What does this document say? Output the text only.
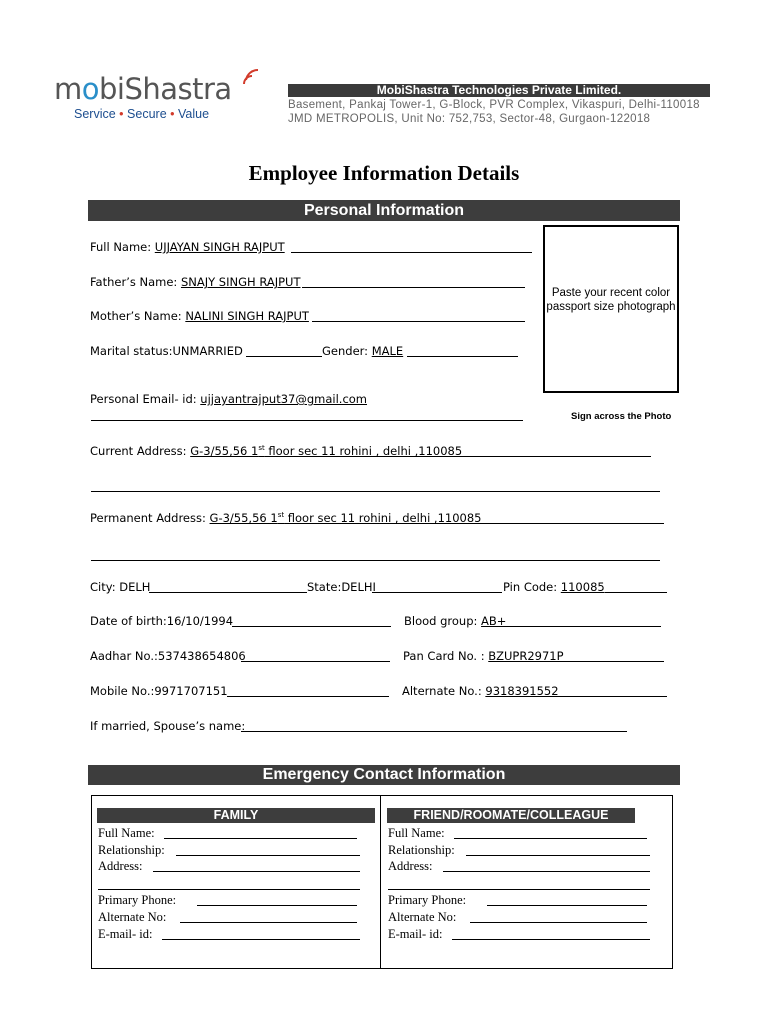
mobiShastra
Service • Secure • Value
MobiShastra Technologies Private Limited.
Basement, Pankaj Tower-1, G-Block, PVR Complex, Vikaspuri, Delhi-110018
JMD METROPOLIS, Unit No: 752,753, Sector-48, Gurgaon-122018
Employee Information Details
Personal Information
Full Name: UJJAYAN SINGH RAJPUT
Father’s Name: SNAJY SINGH RAJPUT
Mother’s Name: NALINI SINGH RAJPUT
Marital status:UNMARRIED	Gender: MALE
Personal Email- id: ujjayantrajput37@gmail.com
Paste your recent color passport size photograph
Sign across the Photo
Current Address: G-3/55,56 1st floor sec 11 rohini , delhi ,110085
Permanent Address: G-3/55,56 1st floor sec 11 rohini , delhi ,110085
City: DELH	State:DELHI	Pin Code: 110085
Date of birth:16/10/1994	Blood group: AB+
Aadhar No.:537438654806	Pan Card No. : BZUPR2971P
Mobile No.:9971707151	Alternate No.: 9318391552
If married, Spouse’s name:
Emergency Contact Information
FAMILY
Full Name:
Relationship:
Address:
Primary Phone:
Alternate No:
E-mail- id:
FRIEND/ROOMATE/COLLEAGUE
Full Name:
Relationship:
Address:
Primary Phone:
Alternate No:
E-mail- id:
